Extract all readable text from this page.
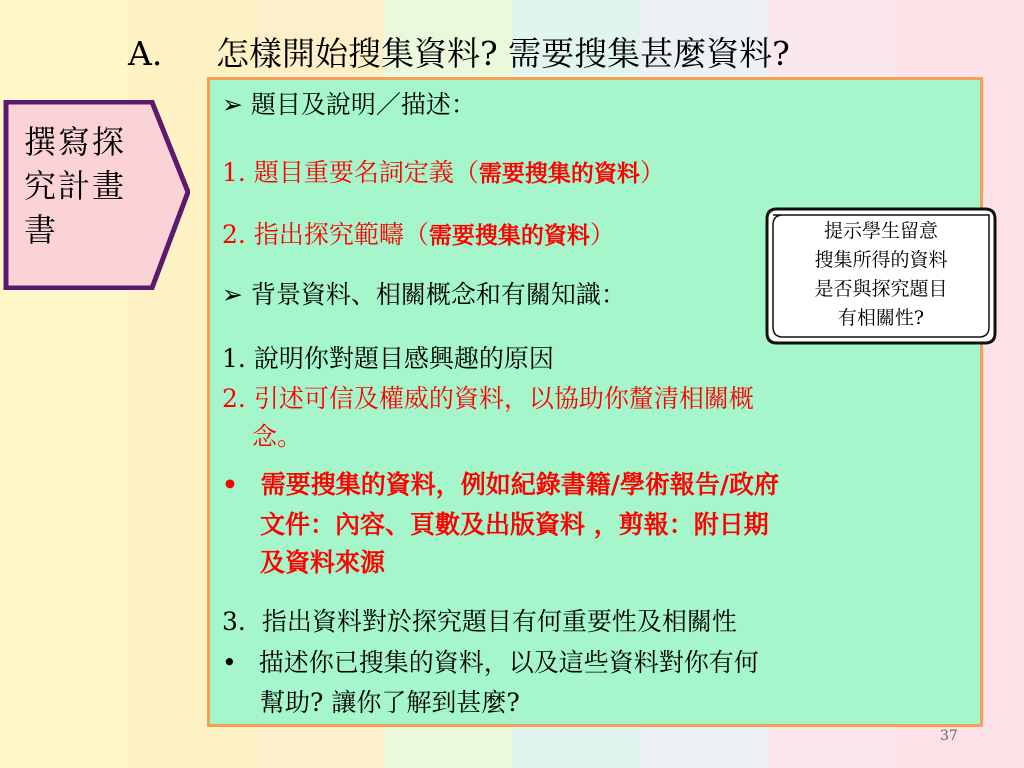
A. 怎樣開始搜集資料? 需要搜集甚麼資料?
撰寫探
究計畫
書
➢ 題目及說明／描述：
1. 題目重要名詞定義（需要搜集的資料）
2. 指出探究範疇（需要搜集的資料）
➢ 背景資料、相關概念和有關知識：
1. 說明你對題目感興趣的原因
2. 引述可信及權威的資料，以協助你釐清相關概
念。
• 需要搜集的資料，例如紀錄書籍/學術報告/政府
文件：內容、頁數及出版資料 ，剪報：附日期
及資料來源
3. 指出資料對於探究題目有何重要性及相關性
• 描述你已搜集的資料，以及這些資料對你有何
幫助? 讓你了解到甚麼?
提示學生留意
搜集所得的資料
是否與探究題目
有相關性?
37
